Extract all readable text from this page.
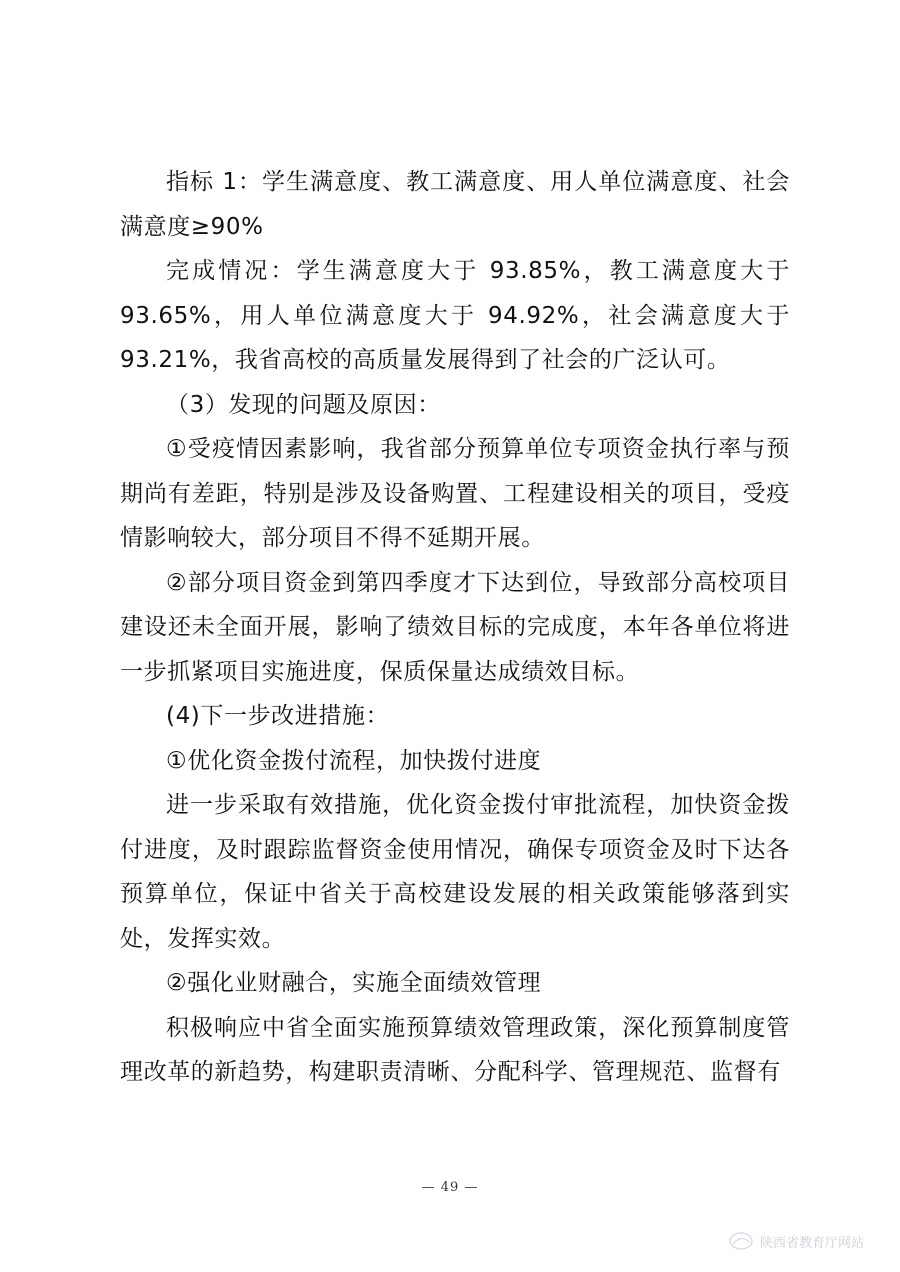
指标 1：学生满意度、教工满意度、用人单位满意度、社会满意度≥90%

完成情况：学生满意度大于 93.85%，教工满意度大于 93.65%，用人单位满意度大于 94.92%，社会满意度大于 93.21%，我省高校的高质量发展得到了社会的广泛认可。

（3）发现的问题及原因：

①受疫情因素影响，我省部分预算单位专项资金执行率与预期尚有差距，特别是涉及设备购置、工程建设相关的项目，受疫情影响较大，部分项目不得不延期开展。

②部分项目资金到第四季度才下达到位，导致部分高校项目建设还未全面开展，影响了绩效目标的完成度，本年各单位将进一步抓紧项目实施进度，保质保量达成绩效目标。

(4)下一步改进措施：

①优化资金拨付流程，加快拨付进度

进一步采取有效措施，优化资金拨付审批流程，加快资金拨付进度，及时跟踪监督资金使用情况，确保专项资金及时下达各预算单位，保证中省关于高校建设发展的相关政策能够落到实处，发挥实效。

②强化业财融合，实施全面绩效管理

积极响应中省全面实施预算绩效管理政策，深化预算制度管理改革的新趋势，构建职责清晰、分配科学、管理规范、监督有

— 49 —
陕西省教育厅网站
